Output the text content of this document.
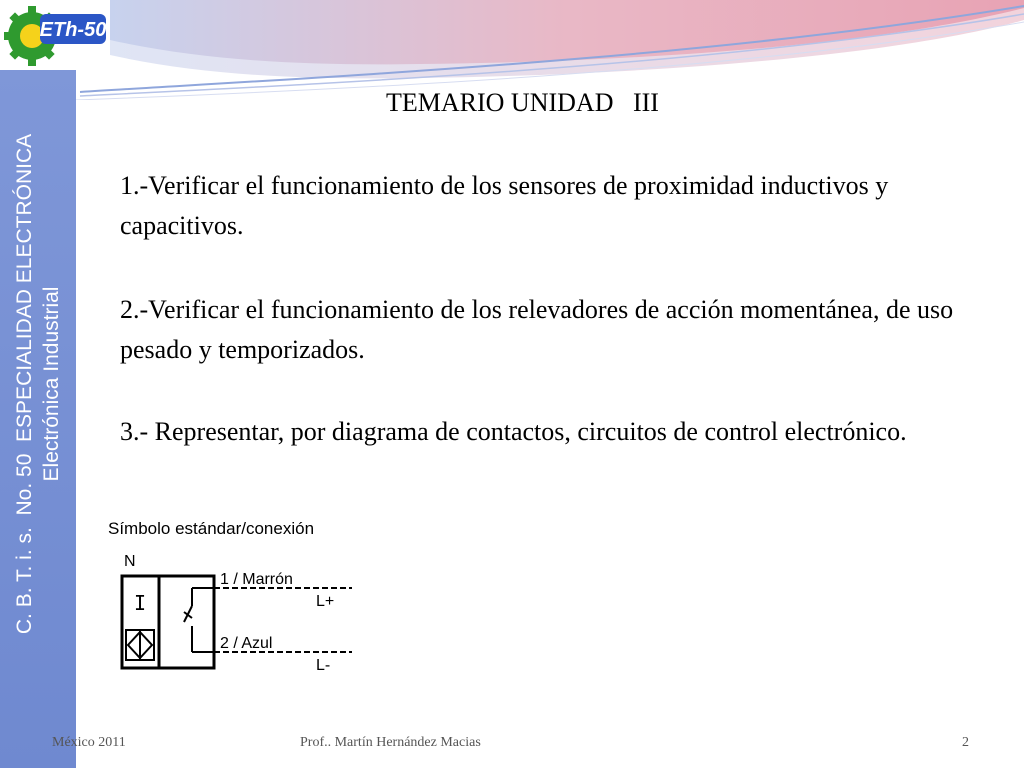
ETh-50
C. B. T. i. s.  No. 50  ESPECIALIDAD ELECTRÓNICA Electrónica Industrial
TEMARIO UNIDAD   III
1.-Verificar el funcionamiento de los sensores de proximidad inductivos y capacitivos.
2.-Verificar el funcionamiento de los relevadores de acción momentánea, de uso pesado y temporizados.
3.- Representar, por diagrama de contactos, circuitos de control electrónico.
Símbolo estándar/conexión
N
I
1 / Marrón
2 / Azul
L+
L-
México 2011	Prof.. Martín Hernández Macias	2
